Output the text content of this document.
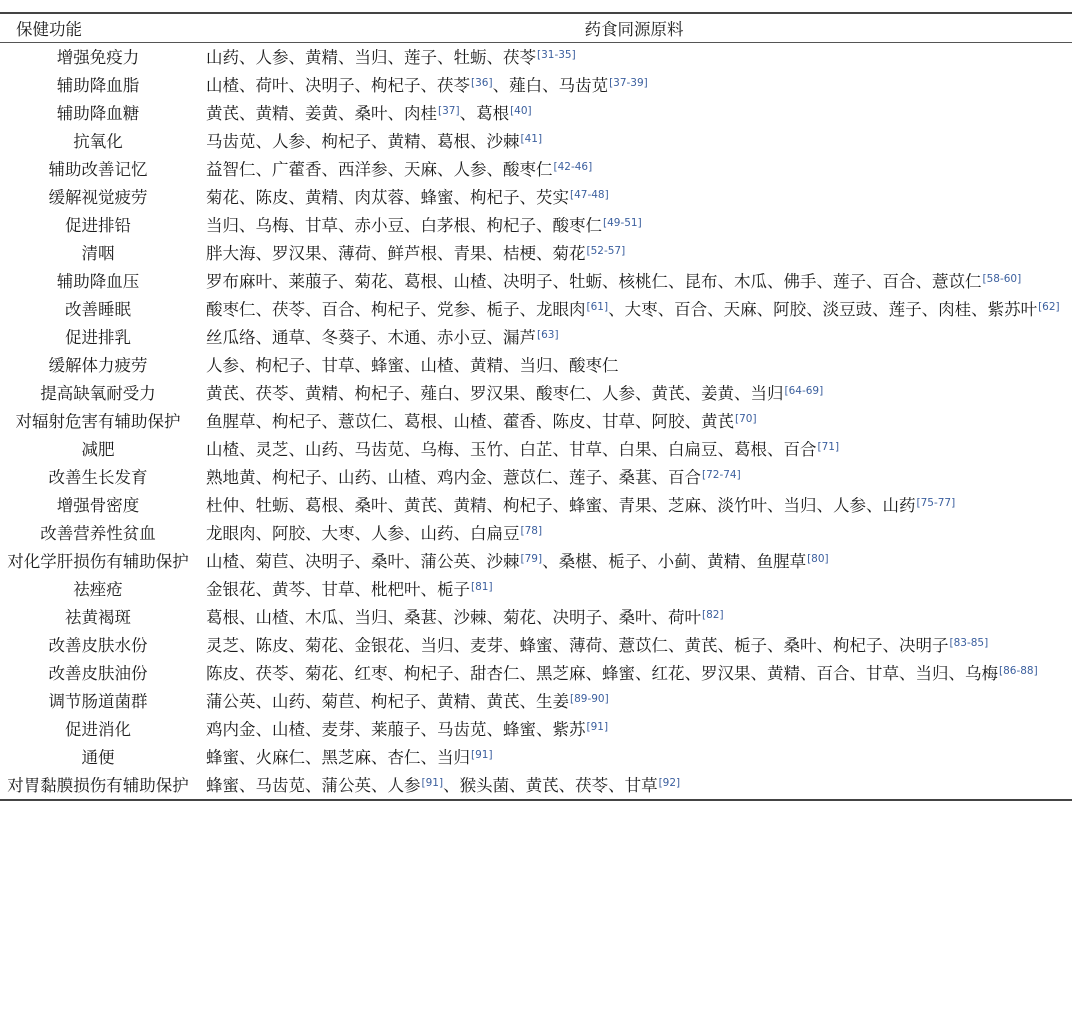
保健功能	药食同源原料
增强免疫力	山药、人参、黄精、当归、莲子、牡蛎、茯苓[31-35]
辅助降血脂	山楂、荷叶、决明子、枸杞子、茯苓[36]、薤白、马齿苋[37-39]
辅助降血糖	黄芪、黄精、姜黄、桑叶、肉桂[37]、葛根[40]
抗氧化	马齿苋、人参、枸杞子、黄精、葛根、沙棘[41]
辅助改善记忆	益智仁、广藿香、西洋参、天麻、人参、酸枣仁[42-46]
缓解视觉疲劳	菊花、陈皮、黄精、肉苁蓉、蜂蜜、枸杞子、芡实[47-48]
促进排铅	当归、乌梅、甘草、赤小豆、白茅根、枸杞子、酸枣仁[49-51]
清咽	胖大海、罗汉果、薄荷、鲜芦根、青果、桔梗、菊花[52-57]
辅助降血压	罗布麻叶、莱菔子、菊花、葛根、山楂、决明子、牡蛎、核桃仁、昆布、木瓜、佛手、莲子、百合、薏苡仁[58-60]
改善睡眠	酸枣仁、茯苓、百合、枸杞子、党参、栀子、龙眼肉[61]、大枣、百合、天麻、阿胶、淡豆豉、莲子、肉桂、紫苏叶[62]
促进排乳	丝瓜络、通草、冬葵子、木通、赤小豆、漏芦[63]
缓解体力疲劳	人参、枸杞子、甘草、蜂蜜、山楂、黄精、当归、酸枣仁
提高缺氧耐受力	黄芪、茯苓、黄精、枸杞子、薤白、罗汉果、酸枣仁、人参、黄芪、姜黄、当归[64-69]
对辐射危害有辅助保护	鱼腥草、枸杞子、薏苡仁、葛根、山楂、藿香、陈皮、甘草、阿胶、黄芪[70]
减肥	山楂、灵芝、山药、马齿苋、乌梅、玉竹、白芷、甘草、白果、白扁豆、葛根、百合[71]
改善生长发育	熟地黄、枸杞子、山药、山楂、鸡内金、薏苡仁、莲子、桑葚、百合[72-74]
增强骨密度	杜仲、牡蛎、葛根、桑叶、黄芪、黄精、枸杞子、蜂蜜、青果、芝麻、淡竹叶、当归、人参、山药[75-77]
改善营养性贫血	龙眼肉、阿胶、大枣、人参、山药、白扁豆[78]
对化学肝损伤有辅助保护	山楂、菊苣、决明子、桑叶、蒲公英、沙棘[79]、桑椹、栀子、小蓟、黄精、鱼腥草[80]
祛痤疮	金银花、黄芩、甘草、枇杷叶、栀子[81]
祛黄褐斑	葛根、山楂、木瓜、当归、桑葚、沙棘、菊花、决明子、桑叶、荷叶[82]
改善皮肤水份	灵芝、陈皮、菊花、金银花、当归、麦芽、蜂蜜、薄荷、薏苡仁、黄芪、栀子、桑叶、枸杞子、决明子[83-85]
改善皮肤油份	陈皮、茯苓、菊花、红枣、枸杞子、甜杏仁、黑芝麻、蜂蜜、红花、罗汉果、黄精、百合、甘草、当归、乌梅[86-88]
调节肠道菌群	蒲公英、山药、菊苣、枸杞子、黄精、黄芪、生姜[89-90]
促进消化	鸡内金、山楂、麦芽、莱菔子、马齿苋、蜂蜜、紫苏[91]
通便	蜂蜜、火麻仁、黑芝麻、杏仁、当归[91]
对胃黏膜损伤有辅助保护	蜂蜜、马齿苋、蒲公英、人参[91]、猴头菌、黄芪、茯苓、甘草[92]
